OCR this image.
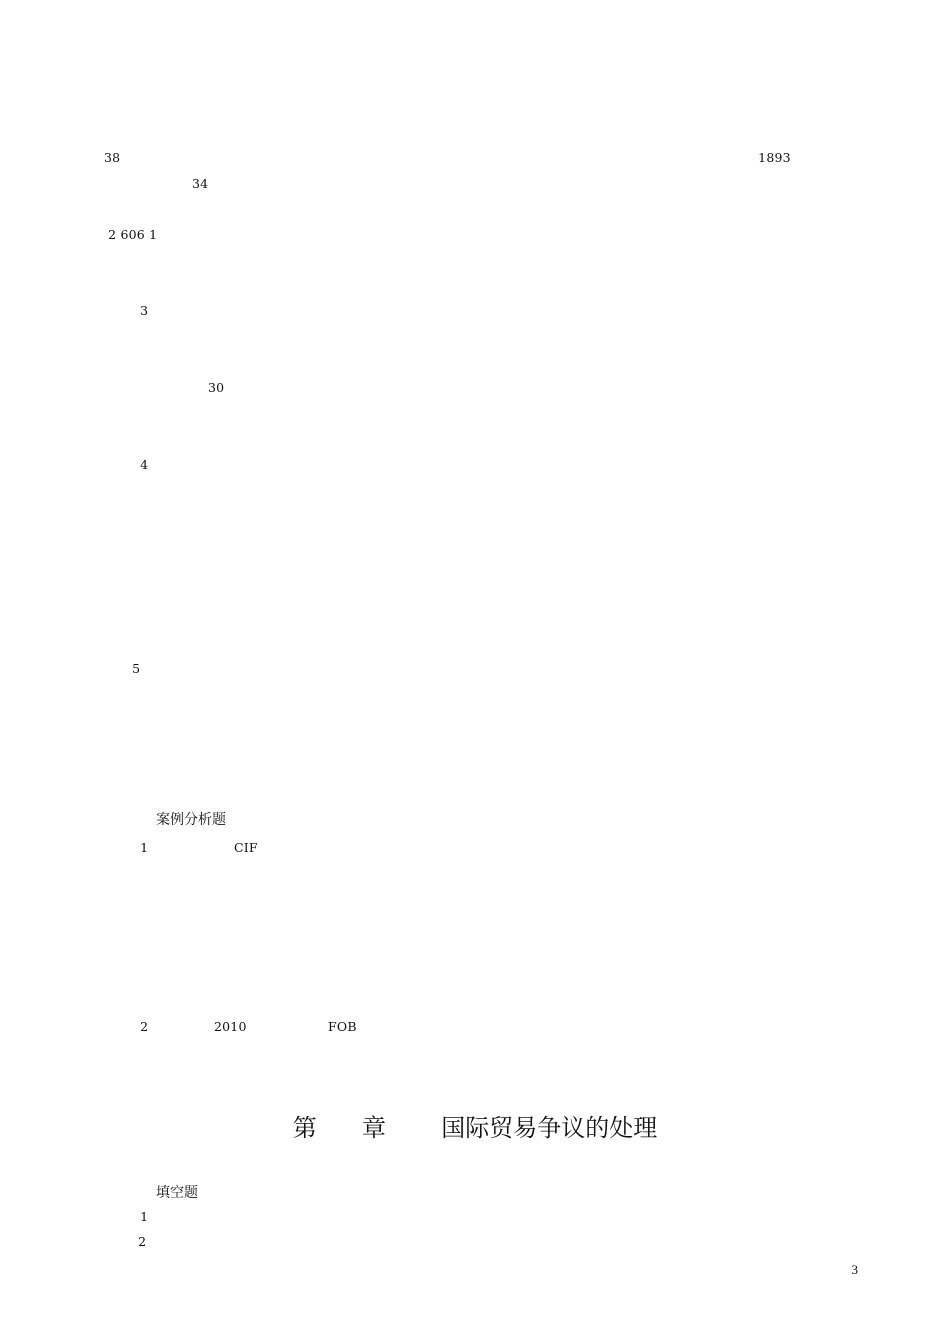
38
	1893
34

2 606 1

3
30
4
5
1	CIF

2	2010	FOB
1
2
案例分析题
第 章 国际贸易争议的处理
填空题
3
